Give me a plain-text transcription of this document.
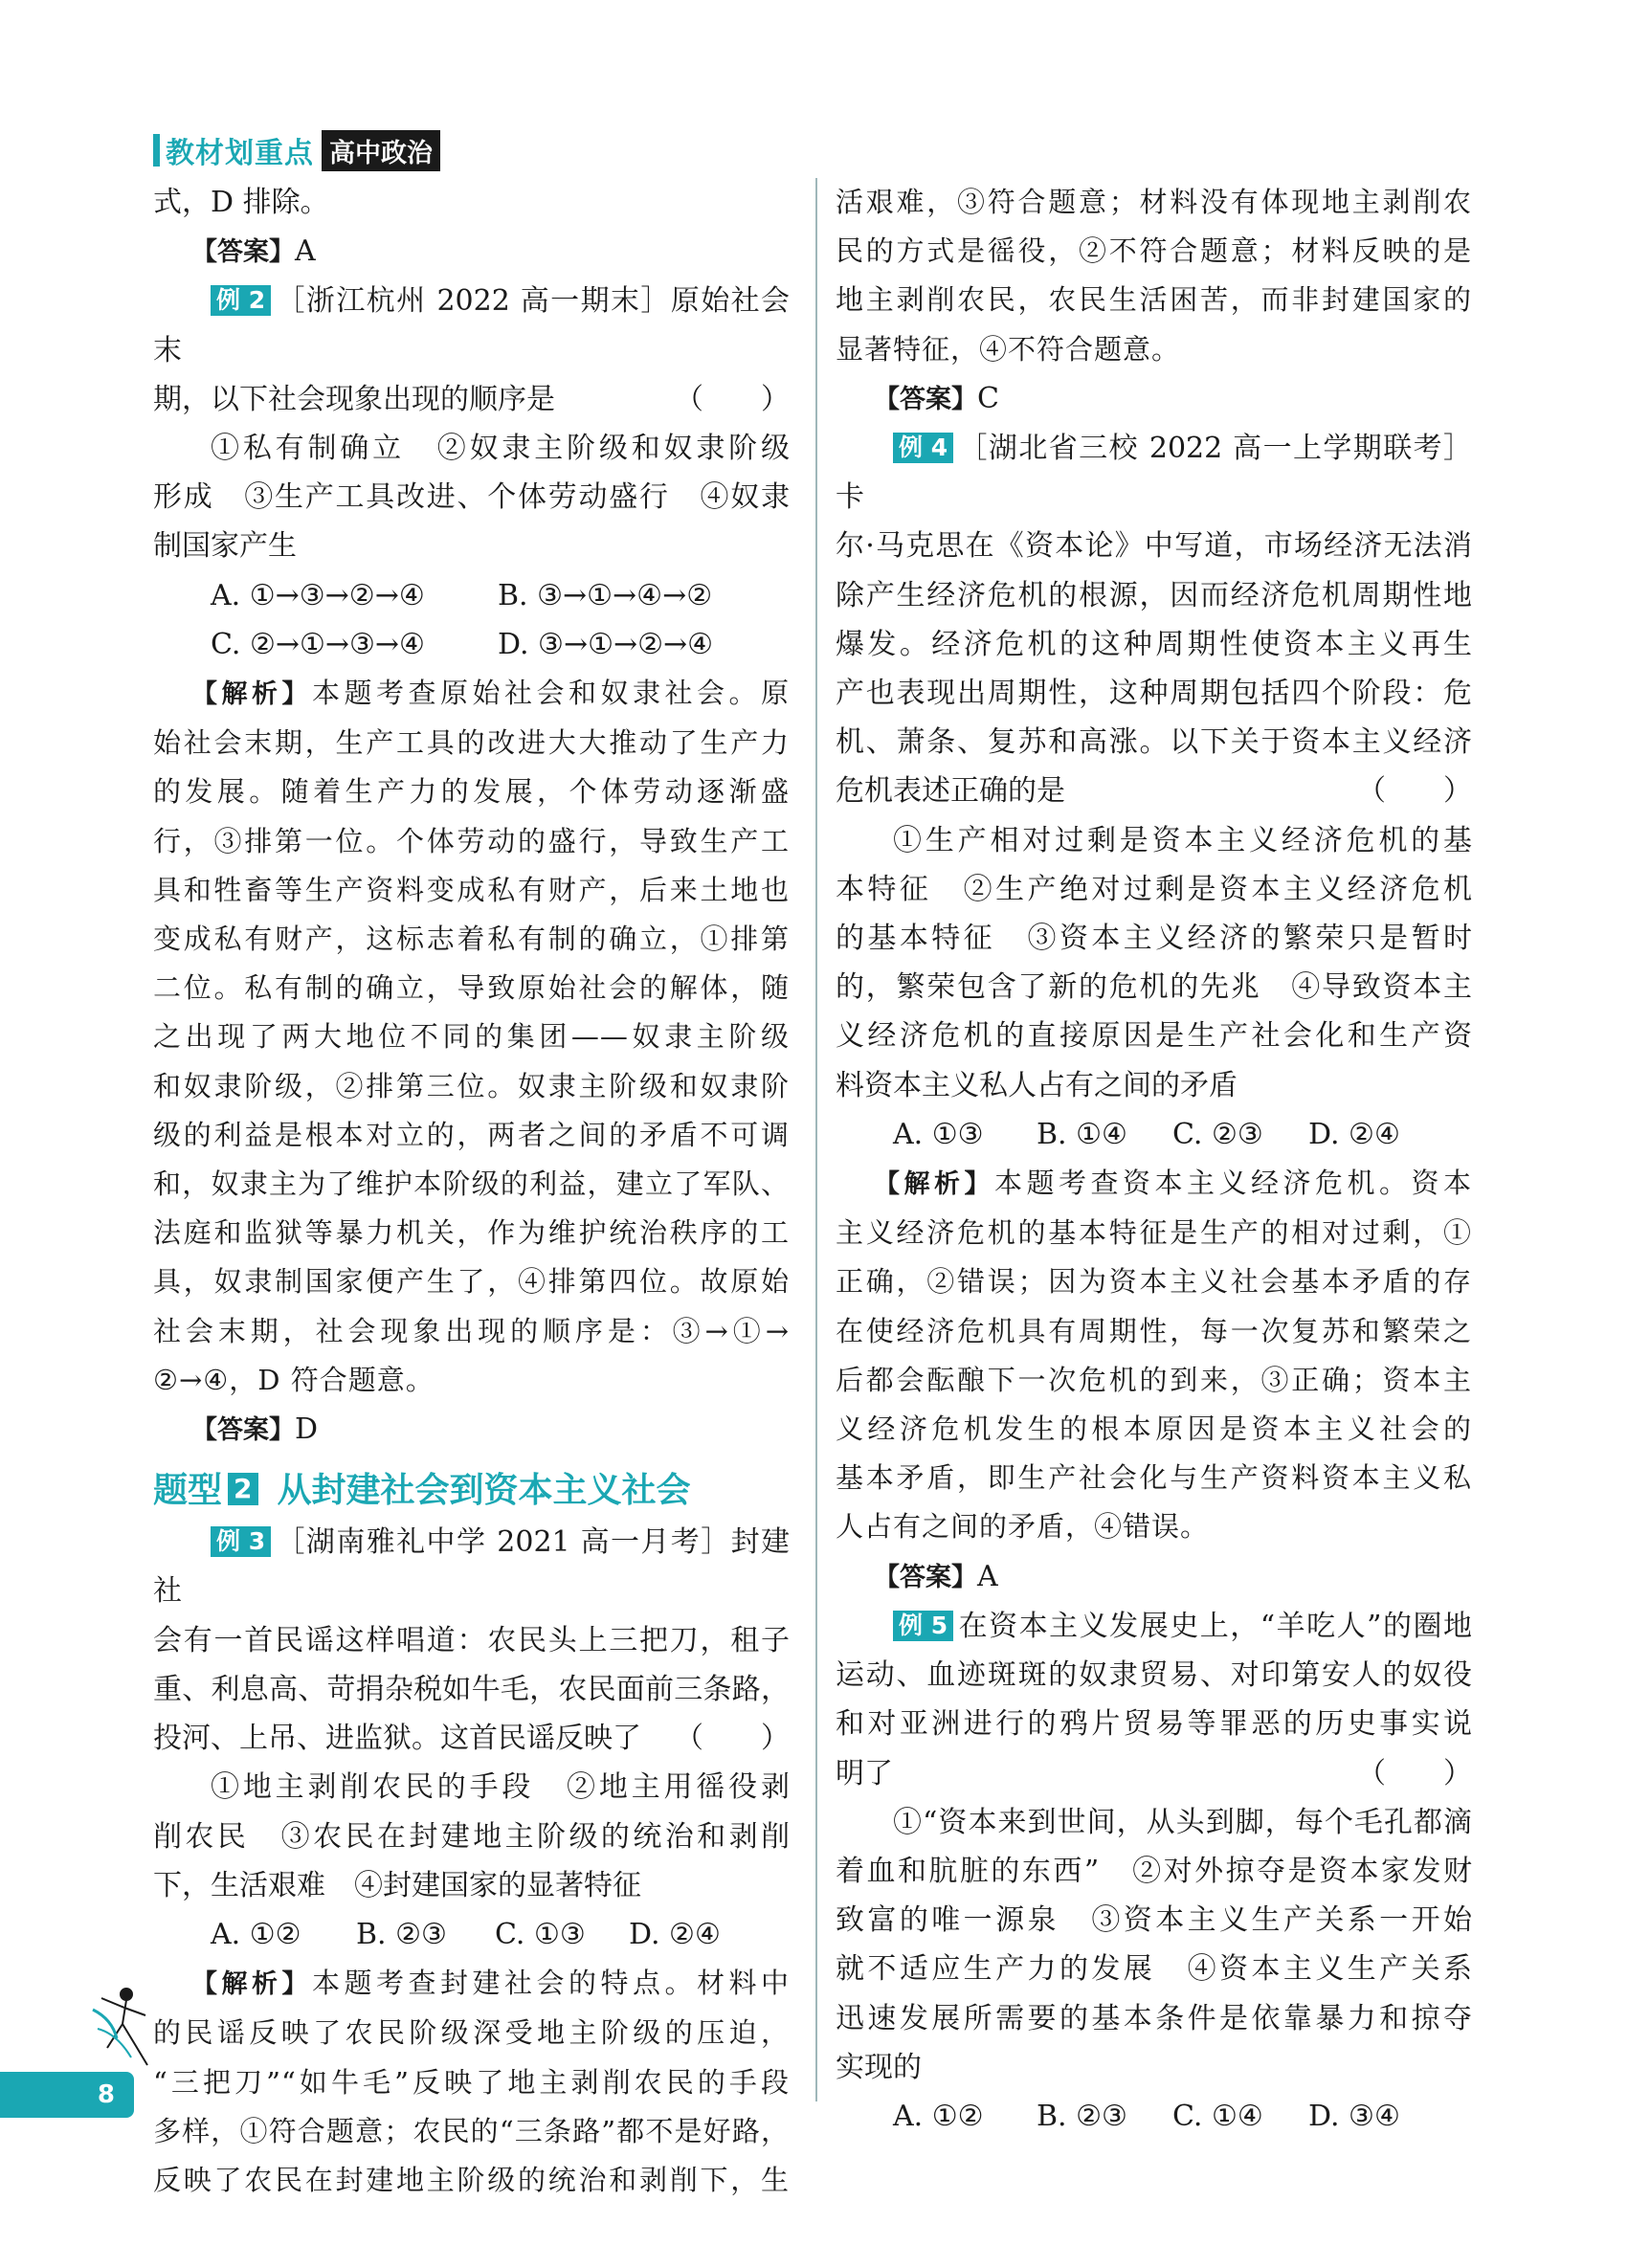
教材划 重点 高中政治

式，D 排除。

【答案】A

例 2 ［浙江杭州 2022 高一期末］原始社会末

期，以下社会现象出现的顺序是	（　　）

①私有制确立　②奴隶主阶级和奴隶阶级

形成　③生产工具改进、个体劳动盛行　④奴隶

制国家产生

A. ①→③→②→④	B. ③→①→④→②
C. ②→①→③→④	D. ③→①→②→④

【解析】本题考查原始社会和奴隶社会。原

始社会末期，生产工具的改进大大推动了生产力

的发展。随着生产力的发展，个体劳动逐渐盛

行，③排第一位。个体劳动的盛行，导致生产工

具和牲畜等生产资料变成私有财产，后来土地也

变成私有财产，这标志着私有制的确立，①排第

二位。私有制的确立，导致原始社会的解体，随

之出现了两大地位不同的集团——奴隶主阶级

和奴隶阶级，②排第三位。奴隶主阶级和奴隶阶

级的利益是根本对立的，两者之间的矛盾不可调

和，奴隶主为了维护本阶级的利益，建立了军队、

法庭和监狱等暴力机关，作为维护统治秩序的工

具，奴隶制国家便产生了，④排第四位。故原始

社会末期，社会现象出现的顺序是：③→①→

②→④，D 符合题意。

【答案】D

题型 2 从封建社会到资本主义社会

例 3 ［湖南雅礼中学 2021 高一月考］封建社

会有一首民谣这样唱道：农民头上三把刀，租子

重、利息高、苛捐杂税如牛毛，农民面前三条路，

投河、上吊、进监狱。这首民谣反映了 （　　）

①地主剥削农民的手段　②地主用徭役剥

削农民　③农民在封建地主阶级的统治和剥削

下，生活艰难　④封建国家的显著特征

A. ①②	B. ②③	C. ①③	D. ②④

【解析】本题考查封建社会的特点。材料中

的民谣反映了农民阶级深受地主阶级的压迫，

“三把刀”“如牛毛”反映了地主剥削农民的手段

多样，①符合题意；农民的“三条路”都不是好路，

反映了农民在封建地主阶级的统治和剥削下，生

活艰难，③符合题意；材料没有体现地主剥削农

民的方式是徭役，②不符合题意；材料反映的是

地主剥削农民，农民生活困苦，而非封建国家的

显著特征，④不符合题意。

【答案】C

例 4 ［湖北省三校 2022 高一上学期联考］卡

尔·马克思在《资本论》中写道，市场经济无法消

除产生经济危机的根源，因而经济危机周期性地

爆发。经济危机的这种周期性使资本主义再生

产也表现出周期性，这种周期包括四个阶段：危

机、萧条、复苏和高涨。以下关于资本主义经济

危机表述正确的是	（　　）

①生产相对过剩是资本主义经济危机的基

本特征　②生产绝对过剩是资本主义经济危机

的基本特征　③资本主义经济的繁荣只是暂时

的，繁荣包含了新的危机的先兆　④导致资本主

义经济危机的直接原因是生产社会化和生产资

料资本主义私人占有之间的矛盾

A. ①③	B. ①④	C. ②③	D. ②④

【解析】本题考查资本主义经济危机。资本

主义经济危机的基本特征是生产的相对过剩，①

正确，②错误；因为资本主义社会基本矛盾的存

在使经济危机具有周期性，每一次复苏和繁荣之

后都会酝酿下一次危机的到来，③正确；资本主

义经济危机发生的根本原因是资本主义社会的

基本矛盾，即生产社会化与生产资料资本主义私

人占有之间的矛盾，④错误。

【答案】A

例 5 在资本主义发展史上，“羊吃人”的圈地

运动、血迹斑斑的奴隶贸易、对印第安人的奴役

和对亚洲进行的鸦片贸易等罪恶的历史事实说

明了	（　　）

①“资本来到世间，从头到脚，每个毛孔都滴

着血和肮脏的东西”　②对外掠夺是资本家发财

致富的唯一源泉　③资本主义生产关系一开始

就不适应生产力的发展　④资本主义生产关系

迅速发展所需要的基本条件是依靠暴力和掠夺

实现的

A. ①②	B. ②③	C. ①④	D. ③④
8
